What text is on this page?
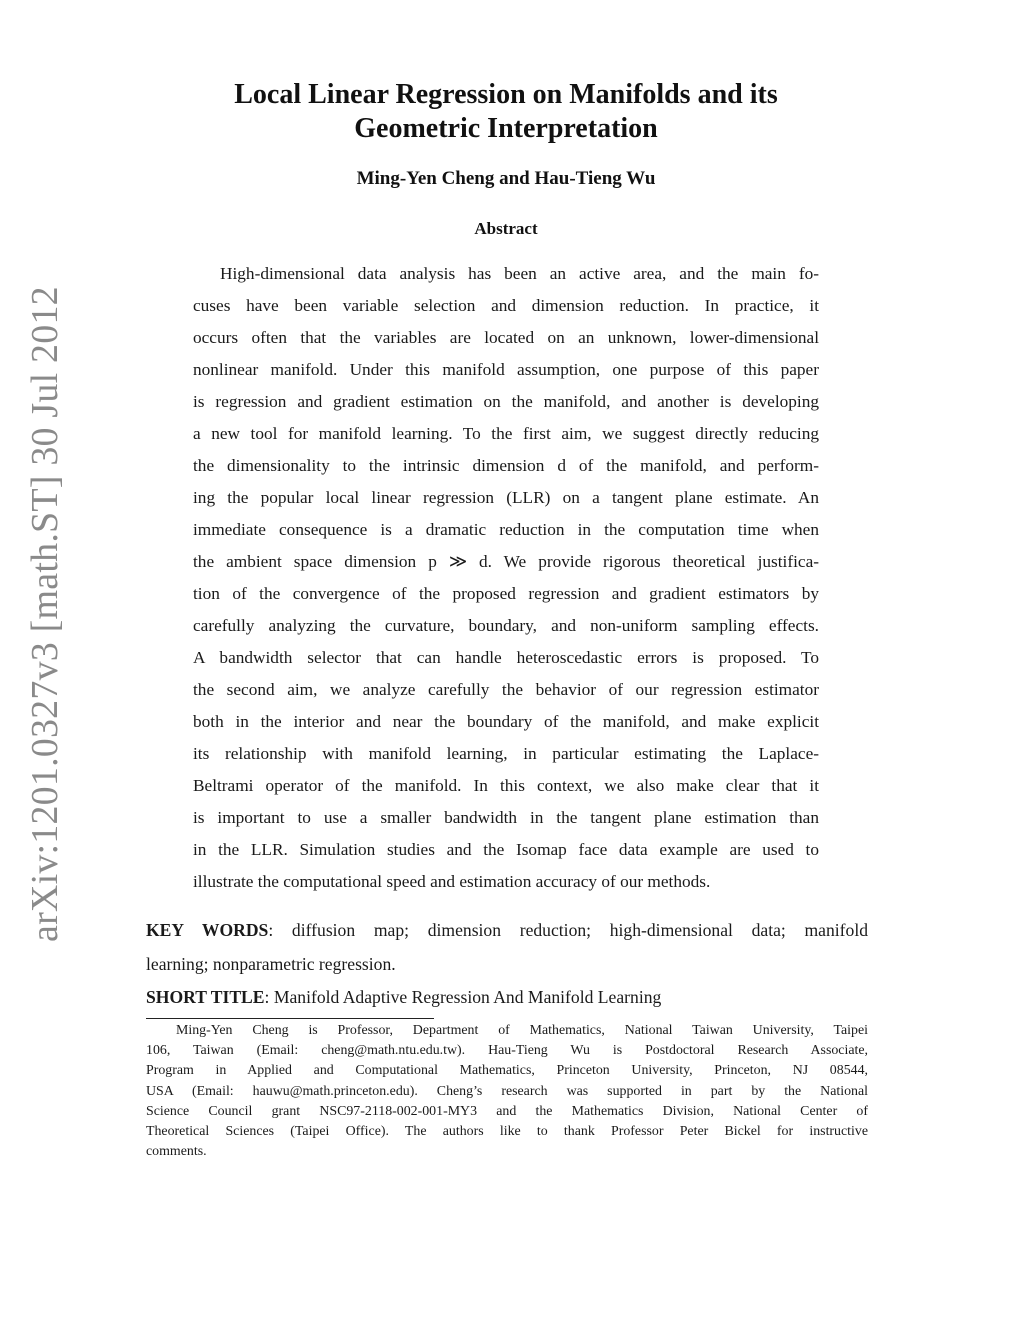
arXiv:1201.0327v3 [math.ST] 30 Jul 2012
Local Linear Regression on Manifolds and its
Geometric Interpretation
Ming-Yen Cheng and Hau-Tieng Wu
Abstract
High-dimensional data analysis has been an active area, and the main fo-
cuses have been variable selection and dimension reduction. In practice, it
occurs often that the variables are located on an unknown, lower-dimensional
nonlinear manifold. Under this manifold assumption, one purpose of this paper
is regression and gradient estimation on the manifold, and another is developing
a new tool for manifold learning. To the first aim, we suggest directly reducing
the dimensionality to the intrinsic dimension d of the manifold, and perform-
ing the popular local linear regression (LLR) on a tangent plane estimate. An
immediate consequence is a dramatic reduction in the computation time when
the ambient space dimension p ≫ d. We provide rigorous theoretical justifica-
tion of the convergence of the proposed regression and gradient estimators by
carefully analyzing the curvature, boundary, and non-uniform sampling effects.
A bandwidth selector that can handle heteroscedastic errors is proposed. To
the second aim, we analyze carefully the behavior of our regression estimator
both in the interior and near the boundary of the manifold, and make explicit
its relationship with manifold learning, in particular estimating the Laplace-
Beltrami operator of the manifold. In this context, we also make clear that it
is important to use a smaller bandwidth in the tangent plane estimation than
in the LLR. Simulation studies and the Isomap face data example are used to
illustrate the computational speed and estimation accuracy of our methods.
KEY WORDS: diffusion map; dimension reduction; high-dimensional data; manifold
learning; nonparametric regression.
SHORT TITLE: Manifold Adaptive Regression And Manifold Learning
Ming-Yen Cheng is Professor, Department of Mathematics, National Taiwan University, Taipei
106, Taiwan (Email: cheng@math.ntu.edu.tw). Hau-Tieng Wu is Postdoctoral Research Associate,
Program in Applied and Computational Mathematics, Princeton University, Princeton, NJ 08544,
USA (Email: hauwu@math.princeton.edu). Cheng’s research was supported in part by the National
Science Council grant NSC97-2118-002-001-MY3 and the Mathematics Division, National Center of
Theoretical Sciences (Taipei Office). The authors like to thank Professor Peter Bickel for instructive
comments.
